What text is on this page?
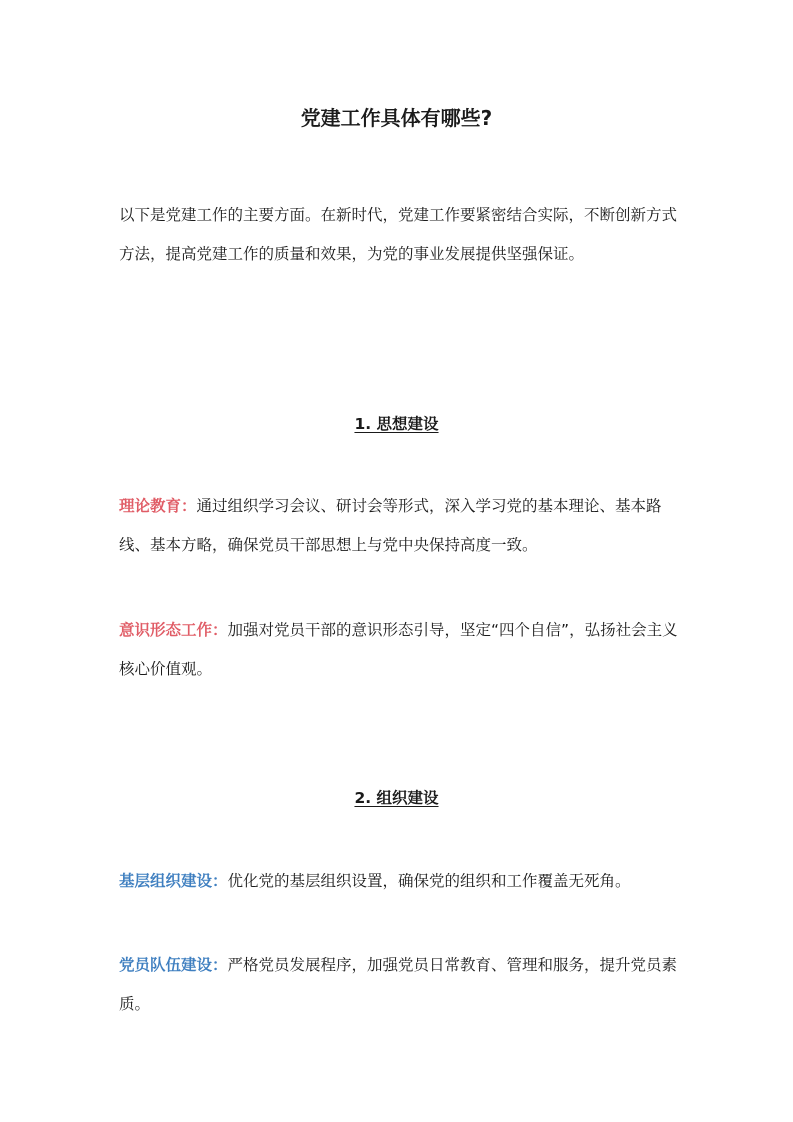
党建工作具体有哪些?

以下是党建工作的主要方面。在新时代，党建工作要紧密结合实际，不断创新方式方法，提高党建工作的质量和效果，为党的事业发展提供坚强保证。

1. 思想建设

理论教育：通过组织学习会议、研讨会等形式，深入学习党的基本理论、基本路线、基本方略，确保党员干部思想上与党中央保持高度一致。

意识形态工作：加强对党员干部的意识形态引导，坚定“四个自信”，弘扬社会主义核心价值观。

2. 组织建设

基层组织建设：优化党的基层组织设置，确保党的组织和工作覆盖无死角。

党员队伍建设：严格党员发展程序，加强党员日常教育、管理和服务，提升党员素质。
